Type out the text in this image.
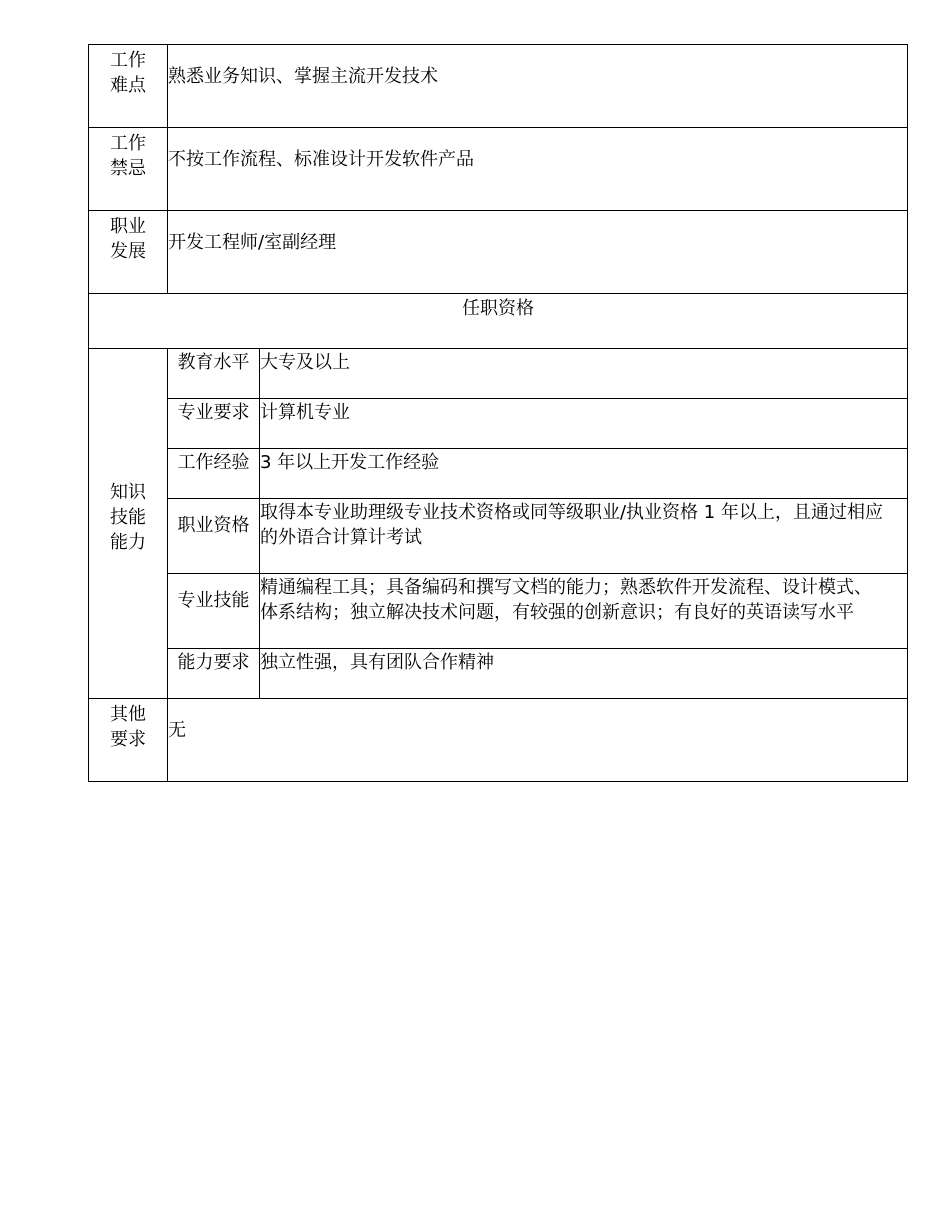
工作
难点	熟悉业务知识、掌握主流开发技术	

工作
禁忌	不按工作流程、标准设计开发软件产品	

职业
发展	开发工程师/室副经理	
任职资格		

知识
技能
能力	教育水平	大专及以上
	专业要求	计算机专业
	工作经验	3 年以上开发工作经验
	职业资格	取得本专业助理级专业技术资格或同等级职业/执业资格 1 年以上，且通过相应的外语合计算计考试
	专业技能	精通编程工具；具备编码和撰写文档的能力；熟悉软件开发流程、设计模式、体系结构；独立解决技术问题，有较强的创新意识；有良好的英语读写水平
	能力要求	独立性强，具有团队合作精神

其他
要求	无	
